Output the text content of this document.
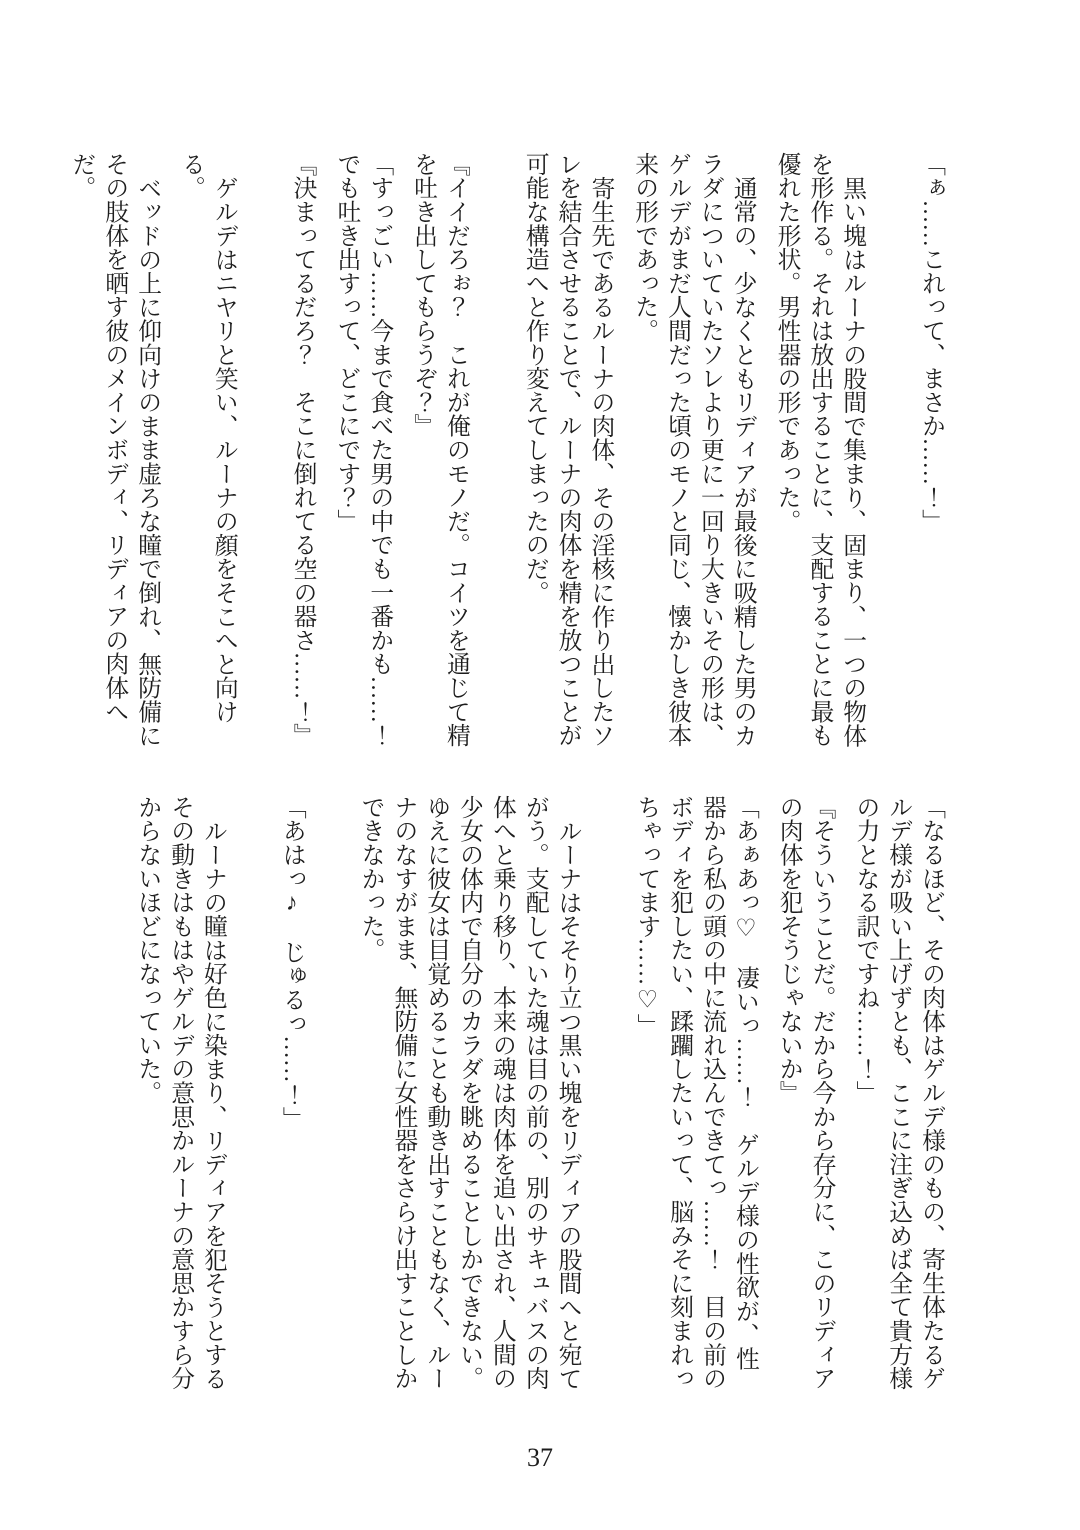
「ぁ……これって、まさか……！」

黒い塊はルーナの股間で集まり、固まり、一つの物体を形作る。それは放出することに、支配することに最も優れた形状。男性器の形であった。

通常の、少なくともリディアが最後に吸精した男のカラダについていたソレより更に一回り大きいその形は、ゲルデがまだ人間だった頃のモノと同じ、懐かしき彼本来の形であった。

寄生先であるルーナの肉体、その淫核に作り出したソレを結合させることで、ルーナの肉体を精を放つことが可能な構造へと作り変えてしまったのだ。

『イイだろぉ？　これが俺のモノだ。コイツを通じて精を吐き出してもらうぞ？』

「すっごい……今まで食べた男の中でも一番かも……！でも吐き出すって、どこにです？」

『決まってるだろ？　そこに倒れてる空の器さ……！』

ゲルデはニヤリと笑い、ルーナの顔をそこへと向ける。

ベッドの上に仰向けのまま虚ろな瞳で倒れ、無防備にその肢体を晒す彼のメインボディ、リディアの肉体へだ。

「なるほど、その肉体はゲルデ様のもの、寄生体たるゲルデ様が吸い上げずとも、ここに注ぎ込めば全て貴方様の力となる訳ですね……！」

『そういうことだ。だから今から存分に、このリディアの肉体を犯そうじゃないか』

「あぁあっ♡　凄いっ……！　ゲルデ様の性欲が、性器から私の頭の中に流れ込んできてっ……！　目の前のボディを犯したい、蹂躙したいって、脳みそに刻まれっちゃってます……♡」

ルーナはそそり立つ黒い塊をリディアの股間へと宛てがう。支配していた魂は目の前の、別のサキュバスの肉体へと乗り移り、本来の魂は肉体を追い出され、人間の少女の体内で自分のカラダを眺めることしかできない。ゆえに彼女は目覚めることも動き出すこともなく、ルーナのなすがまま、無防備に女性器をさらけ出すことしかできなかった。

「あはっ♪　じゅるっ……！」

ルーナの瞳は好色に染まり、リディアを犯そうとするその動きはもはやゲルデの意思かルーナの意思かすら分からないほどになっていた。

37
